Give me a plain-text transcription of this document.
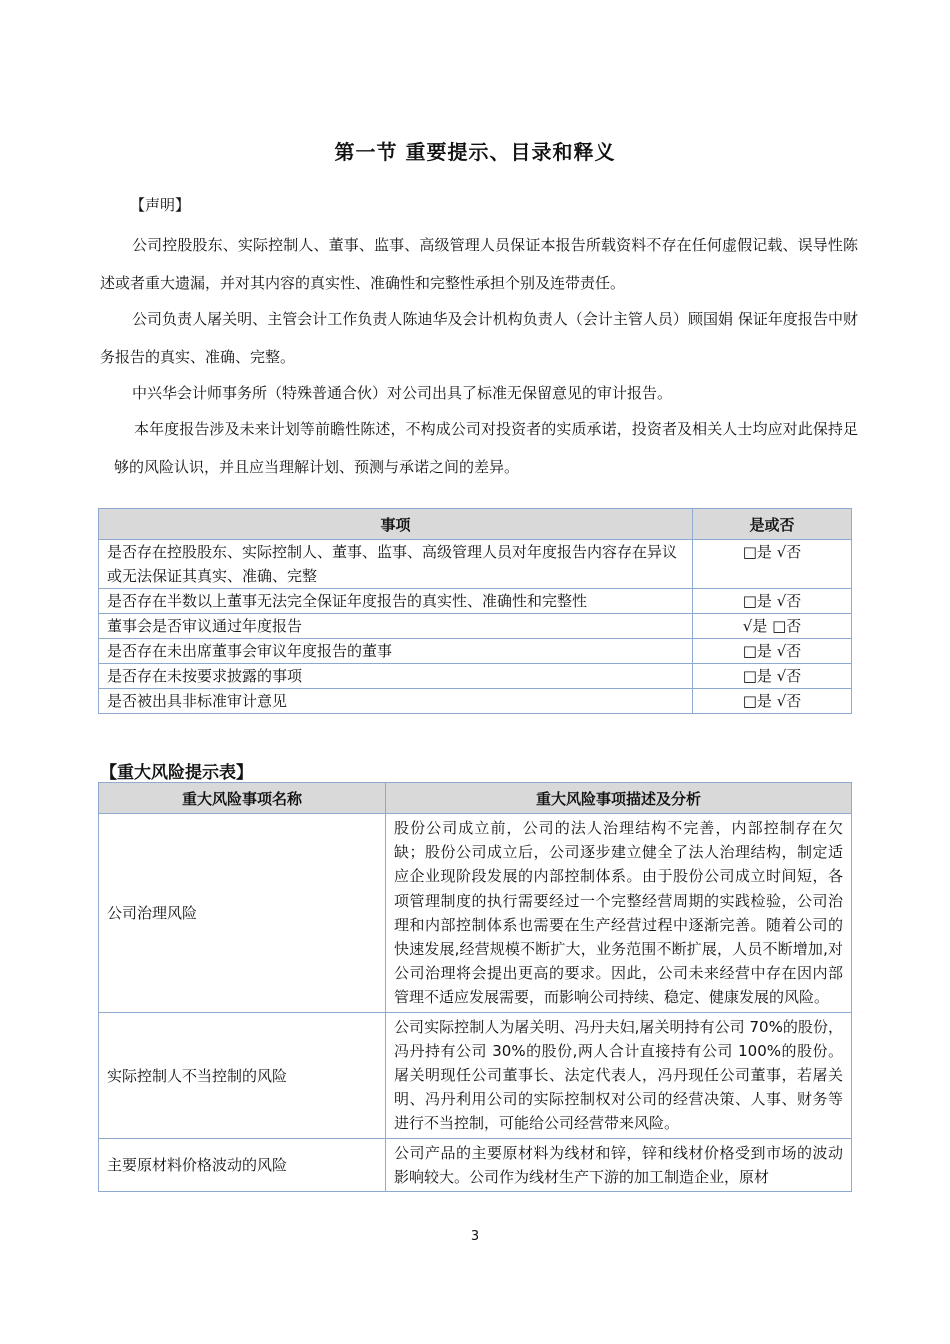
第一节 重要提示、目录和释义
【声明】
公司控股股东、实际控制人、董事、监事、高级管理人员保证本报告所载资料不存在任何虚假记载、误导性陈述或者重大遗漏，并对其内容的真实性、准确性和完整性承担个别及连带责任。
公司负责人屠关明、主管会计工作负责人陈迪华及会计机构负责人（会计主管人员）顾国娟 保证年度报告中财务报告的真实、准确、完整。
中兴华会计师事务所（特殊普通合伙）对公司出具了标准无保留意见的审计报告。
本年度报告涉及未来计划等前瞻性陈述，不构成公司对投资者的实质承诺，投资者及相关人士均应对此保持足够的风险认识，并且应当理解计划、预测与承诺之间的差异。
事项	是或否
是否存在控股股东、实际控制人、董事、监事、高级管理人员对年度报告内容存在异议或无法保证其真实、准确、完整	□是 √否
是否存在半数以上董事无法完全保证年度报告的真实性、准确性和完整性	□是 √否
董事会是否审议通过年度报告	√是 □否
是否存在未出席董事会审议年度报告的董事	□是 √否
是否存在未按要求披露的事项	□是 √否
是否被出具非标准审计意见	□是 √否
【重大风险提示表】
重大风险事项名称	重大风险事项描述及分析
公司治理风险	股份公司成立前，公司的法人治理结构不完善，内部控制存在欠缺；股份公司成立后，公司逐步建立健全了法人治理结构，制定适应企业现阶段发展的内部控制体系。由于股份公司成立时间短，各项管理制度的执行需要经过一个完整经营周期的实践检验，公司治理和内部控制体系也需要在生产经营过程中逐渐完善。随着公司的快速发展,经营规模不断扩大，业务范围不断扩展，人员不断增加,对公司治理将会提出更高的要求。因此，公司未来经营中存在因内部管理不适应发展需要，而影响公司持续、稳定、健康发展的风险。
实际控制人不当控制的风险	公司实际控制人为屠关明、冯丹夫妇,屠关明持有公司 70%的股份，冯丹持有公司 30%的股份,两人合计直接持有公司 100%的股份。屠关明现任公司董事长、法定代表人，冯丹现任公司董事，若屠关明、冯丹利用公司的实际控制权对公司的经营决策、人事、财务等进行不当控制，可能给公司经营带来风险。
主要原材料价格波动的风险	公司产品的主要原材料为线材和锌，锌和线材价格受到市场的波动影响较大。公司作为线材生产下游的加工制造企业，原材
3
